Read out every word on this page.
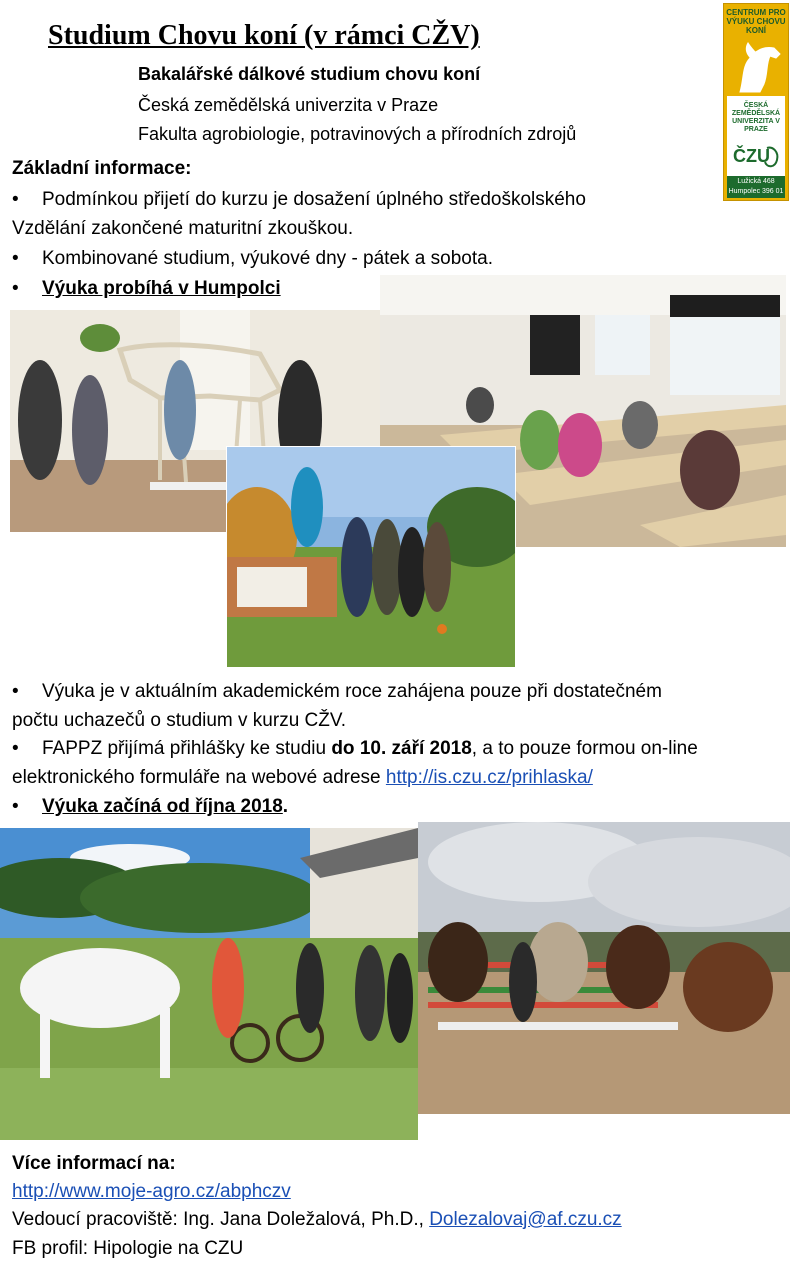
Studium Chovu koní (v rámci CŽV)
Bakalářské dálkové studium chovu koní
Česká zemědělská univerzita v Praze
Fakulta agrobiologie, potravinových a přírodních zdrojů
CENTRUM PRO VÝUKU CHOVU KONÍ
ČESKÁ ZEMĚDĚLSKÁ UNIVERZITA V PRAZE
ČZU
Lužická 468
Humpolec 396 01
Základní informace:
• Podmínkou přijetí do kurzu je dosažení úplného středoškolského
Vzdělání zakončené maturitní zkouškou.
• Kombinované studium, výukové dny - pátek a sobota.
• Výuka probíhá v Humpolci
• Výuka je v aktuálním akademickém roce zahájena pouze při dostatečném
počtu uchazečů o studium v kurzu CŽV.
• FAPPZ přijímá přihlášky ke studiu do 10. září 2018, a to pouze formou on-line
elektronického formuláře na webové adrese http://is.czu.cz/prihlaska/
• Výuka začíná od října 2018.
Více informací na:
http://www.moje-agro.cz/abphczv
Vedoucí pracoviště: Ing. Jana Doležalová, Ph.D., Dolezalovaj@af.czu.cz
FB profil: Hipologie na CZU
